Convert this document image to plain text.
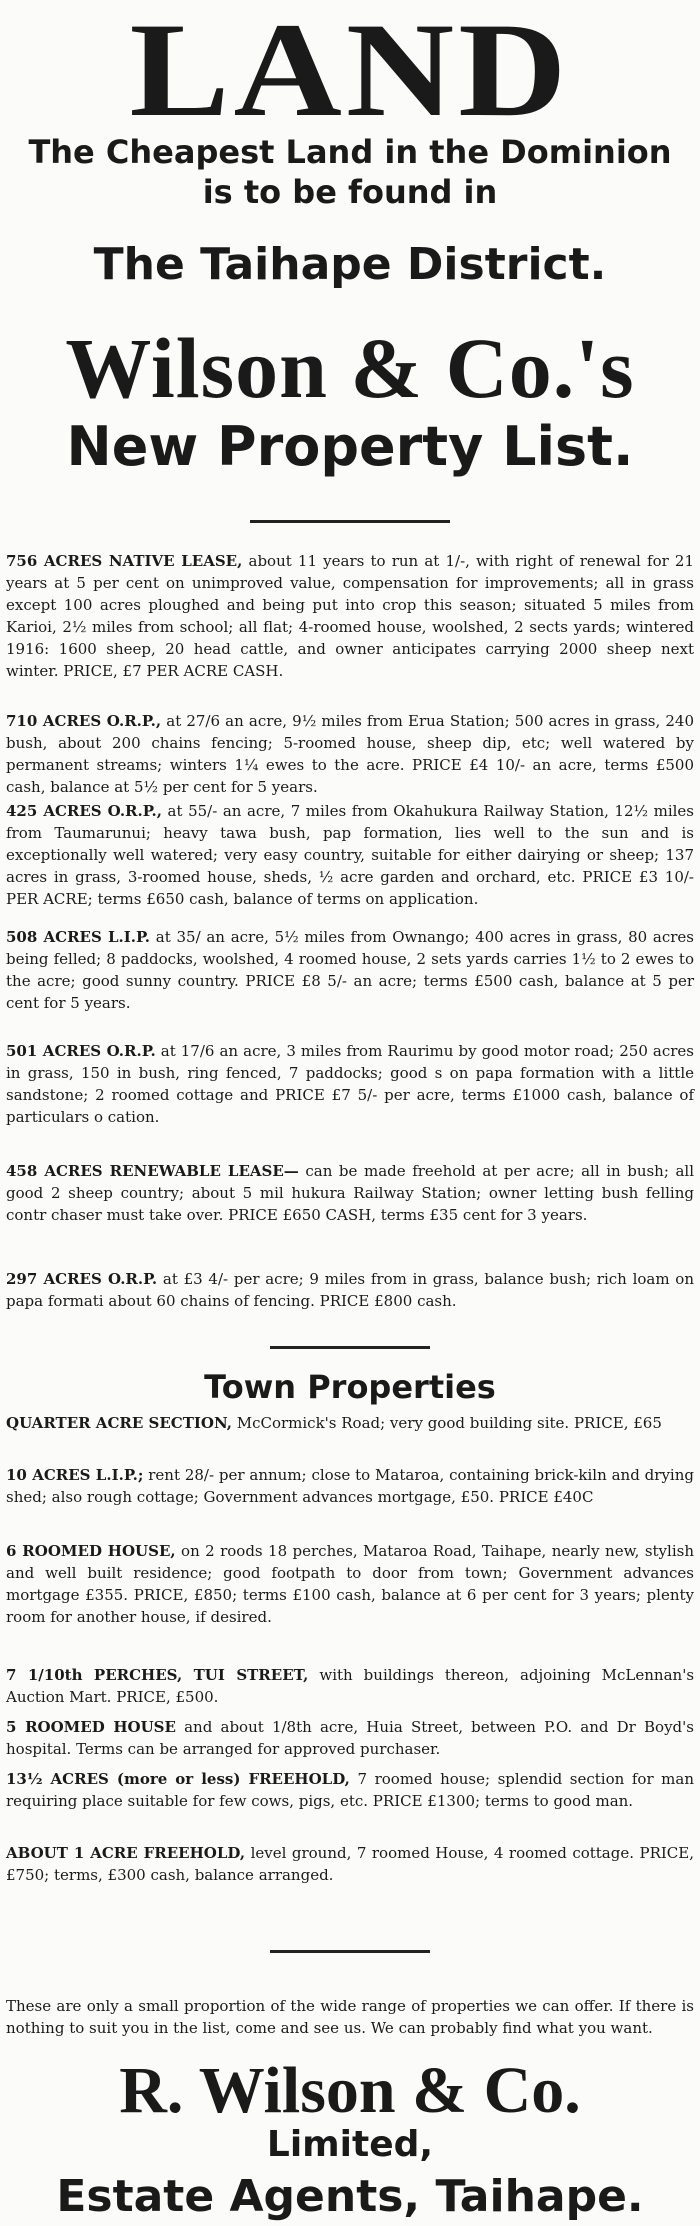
LAND
The Cheapest Land in the Dominion
is to be found in
The Taihape District.
Wilson & Co.'s
New Property List.
756 ACRES NATIVE LEASE, about 11 years to run at 1/-, with right of renewal for 21 years at 5 per cent on unimproved value, compensation for improvements; all in grass except 100 acres ploughed and being put into crop this season; situated 5 miles from Karioi, 2½ miles from school; all flat; 4-roomed house, woolshed, 2 sects yards; wintered 1916: 1600 sheep, 20 head cattle, and owner anticipates carrying 2000 sheep next winter. PRICE, £7 PER ACRE CASH.
710 ACRES O.R.P., at 27/6 an acre, 9½ miles from Erua Station; 500 acres in grass, 240 bush, about 200 chains fencing; 5-roomed house, sheep dip, etc; well watered by permanent streams; winters 1¼ ewes to the acre. PRICE £4 10/- an acre, terms £500 cash, balance at 5½ per cent for 5 years.
425 ACRES O.R.P., at 55/- an acre, 7 miles from Okahukura Railway Station, 12½ miles from Taumarunui; heavy tawa bush, pap formation, lies well to the sun and is exceptionally well watered; very easy country, suitable for either dairying or sheep; 137 acres in grass, 3-roomed house, sheds, ½ acre garden and orchard, etc. PRICE £3 10/- PER ACRE; terms £650 cash, balance of terms on application.
508 ACRES L.I.P. at 35/ an acre, 5½ miles from Ownango; 400 acres in grass, 80 acres being felled; 8 paddocks, woolshed, 4 roomed house, 2 sets yards carries 1½ to 2 ewes to the acre; good sunny country. PRICE £8 5/- an acre; terms £500 cash, balance at 5 per cent for 5 years.
501 ACRES O.R.P. at 17/6 an acre, 3 miles from Raurimu by good motor road; 250 acres in grass, 150 in bush, ring fenced, 7 paddocks; good s on papa formation with a little sandstone; 2 roomed cottage and PRICE £7 5/- per acre, terms £1000 cash, balance of particulars o cation.
458 ACRES RENEWABLE LEASE— can be made freehold at per acre; all in bush; all good 2 sheep country; about 5 mil hukura Railway Station; owner letting bush felling contr chaser must take over. PRICE £650 CASH, terms £35 cent for 3 years.
297 ACRES O.R.P. at £3 4/- per acre; 9 miles from in grass, balance bush; rich loam on papa formati about 60 chains of fencing. PRICE £800 cash.
Town Properties
QUARTER ACRE SECTION, McCormick's Road; very good building site. PRICE, £65
10 ACRES L.I.P.; rent 28/- per annum; close to Mataroa, containing brick-kiln and drying shed; also rough cottage; Government advances mortgage, £50. PRICE £40C
6 ROOMED HOUSE, on 2 roods 18 perches, Mataroa Road, Taihape, nearly new, stylish and well built residence; good footpath to door from town; Government advances mortgage £355. PRICE, £850; terms £100 cash, balance at 6 per cent for 3 years; plenty room for another house, if desired.
7 1/10th PERCHES, TUI STREET, with buildings thereon, adjoining McLennan's Auction Mart. PRICE, £500.
5 ROOMED HOUSE and about 1/8th acre, Huia Street, between P.O. and Dr Boyd's hospital. Terms can be arranged for approved purchaser.
13½ ACRES (more or less) FREEHOLD, 7 roomed house; splendid section for man requiring place suitable for few cows, pigs, etc. PRICE £1300; terms to good man.
ABOUT 1 ACRE FREEHOLD, level ground, 7 roomed House, 4 roomed cottage. PRICE, £750; terms, £300 cash, balance arranged.
These are only a small proportion of the wide range of properties we can offer. If there is nothing to suit you in the list, come and see us. We can probably find what you want.
R. Wilson & Co.
Limited,
Estate Agents, Taihape.
